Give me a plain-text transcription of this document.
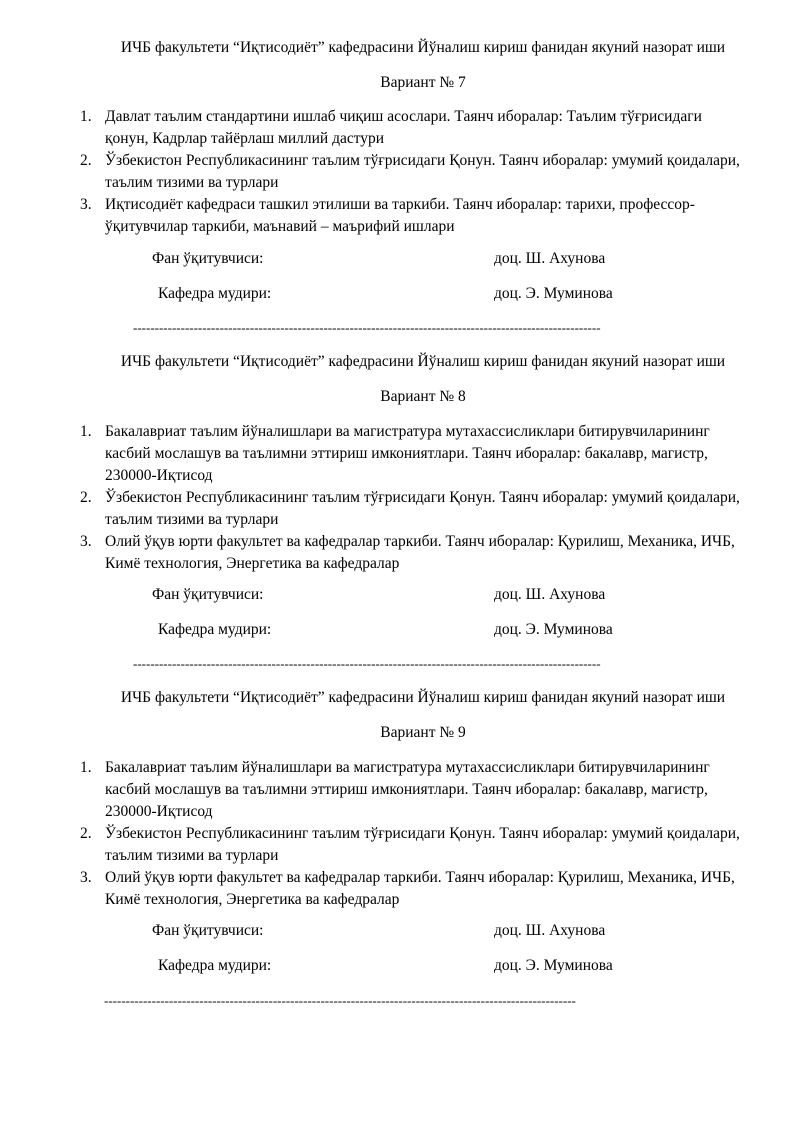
ИЧБ факультети “Иқтисодиёт” кафедрасини Йўналиш кириш фанидан якуний назорат иши
Вариант № 7
1. Давлат таълим стандартини ишлаб чиқиш асослари. Таянч иборалар: Таълим тўғрисидаги қонун, Кадрлар тайёрлаш миллий дастури
2. Ўзбекистон Республикасининг таълим тўғрисидаги Қонун. Таянч иборалар: умумий қоидалари, таълим тизими ва турлари
3. Иқтисодиёт кафедраси ташкил этилиши ва таркиби. Таянч иборалар: тарихи, профессор-ўқитувчилар таркиби, маънавий – маърифий ишлари
Фан ўқитувчиси:	доц. Ш. Ахунова
Кафедра мудири:	доц. Э. Муминова
------------------------------------------------------------------------------------------------------------
ИЧБ факультети “Иқтисодиёт” кафедрасини Йўналиш кириш фанидан якуний назорат иши
Вариант № 8
1. Бакалавриат таълим йўналишлари ва магистратура мутахассисликлари битирувчиларининг касбий мослашув ва таълимни эттириш имкониятлари. Таянч иборалар: бакалавр, магистр, 230000-Иқтисод
2. Ўзбекистон Республикасининг таълим тўғрисидаги Қонун. Таянч иборалар: умумий қоидалари, таълим тизими ва турлари
3. Олий ўқув юрти факультет ва кафедралар таркиби. Таянч иборалар: Қурилиш, Механика, ИЧБ, Кимё технология, Энергетика ва кафедралар
Фан ўқитувчиси:	доц. Ш. Ахунова
Кафедра мудири:	доц. Э. Муминова
------------------------------------------------------------------------------------------------------------
ИЧБ факультети “Иқтисодиёт” кафедрасини Йўналиш кириш фанидан якуний назорат иши
Вариант № 9
1. Бакалавриат таълим йўналишлари ва магистратура мутахассисликлари битирувчиларининг касбий мослашув ва таълимни эттириш имкониятлари. Таянч иборалар: бакалавр, магистр, 230000-Иқтисод
2. Ўзбекистон Республикасининг таълим тўғрисидаги Қонун. Таянч иборалар: умумий қоидалари, таълим тизими ва турлари
3. Олий ўқув юрти факультет ва кафедралар таркиби. Таянч иборалар: Қурилиш, Механика, ИЧБ, Кимё технология, Энергетика ва кафедралар
Фан ўқитувчиси:	доц. Ш. Ахунова
Кафедра мудири:	доц. Э. Муминова
-------------------------------------------------------------------------------------------------------------
